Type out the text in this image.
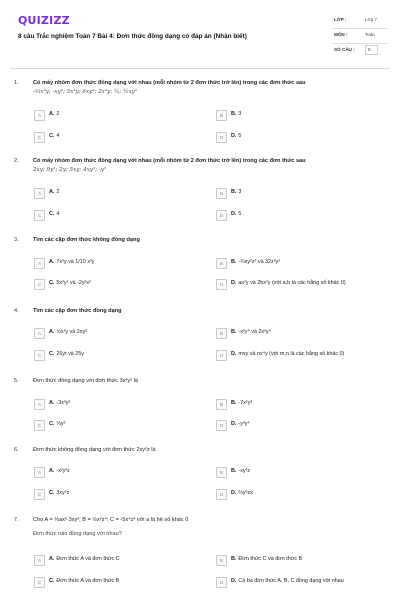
QUIZIZZ
8 câu Trắc nghiệm Toán 7 Bài 4: Đơn thức đồng dạng có đáp án (Nhận biết)
LỚP :	Lớp 7
MÔN :	Toán
SỐ CÂU :	8
1.	Có mấy nhóm đơn thức đồng dạng với nhau (mỗi nhóm từ 2 đơn thức trở lên) trong các đơn thức sau
-⅔x³y; -xy²; 5x²y; 6xy²; 2x³y; ¼; ½xy²
A	A. 2	B	B. 3
C	C. 4	D	D. 5
2.	Có mấy nhóm đơn thức đồng dạng với nhau (mỗi nhóm từ 2 đơn thức trở lên) trong các đơn thức sau
2xy; 9y²; 2y; 5xy; 4xy²; -y²
A	A. 2	B	B. 3
C	C. 4	D	D. 5
3.	Tìm các cặp đơn thức không đồng dạng
A	A. 7x³y và 1/10 x³y	B	B. -¼xy²z² và 32z²y²
C	C. 5x²y² và -2y²x²	D	D. ax²y và 2bx²y (với a,b là các hằng số khác 0)
4.	Tìm các cặp đơn thức đồng dạng
A	A. ⅓x²y và 2xy²	B	B. -x²y⁴ và 2x²y⁴
C	C. 26yt và 25y	D	D. mxy và nx⁴y (với m,n là các hằng số khác 0)
5.	Đơn thức đồng dạng với đơn thức 3x²y³ là
A	A. -3x³y²	B	B. -7x²y³
C	C. ⅓y²	D	D. -y³y⁴
6.	Đơn thức không đồng dạng với đơn thức 2xy²z là
A	A. -x²y²z	B	B. -xy²z
C	C. 3xy²z	D	D. ⅔y²zx
7.	Cho A = ⅓ax²·3xy²; B = ½x²z⁴; C = -5x⁴z³ với a là hệ số khác 0
Đơn thức nào đồng dạng với nhau?
A	A. Đơn thức A và đơn thức C	B	B. Đơn thức C và đơn thức B
C	C. Đơn thức A và đơn thức B	D	D. Cả ba đơn thức A, B, C đồng dạng với nhau
